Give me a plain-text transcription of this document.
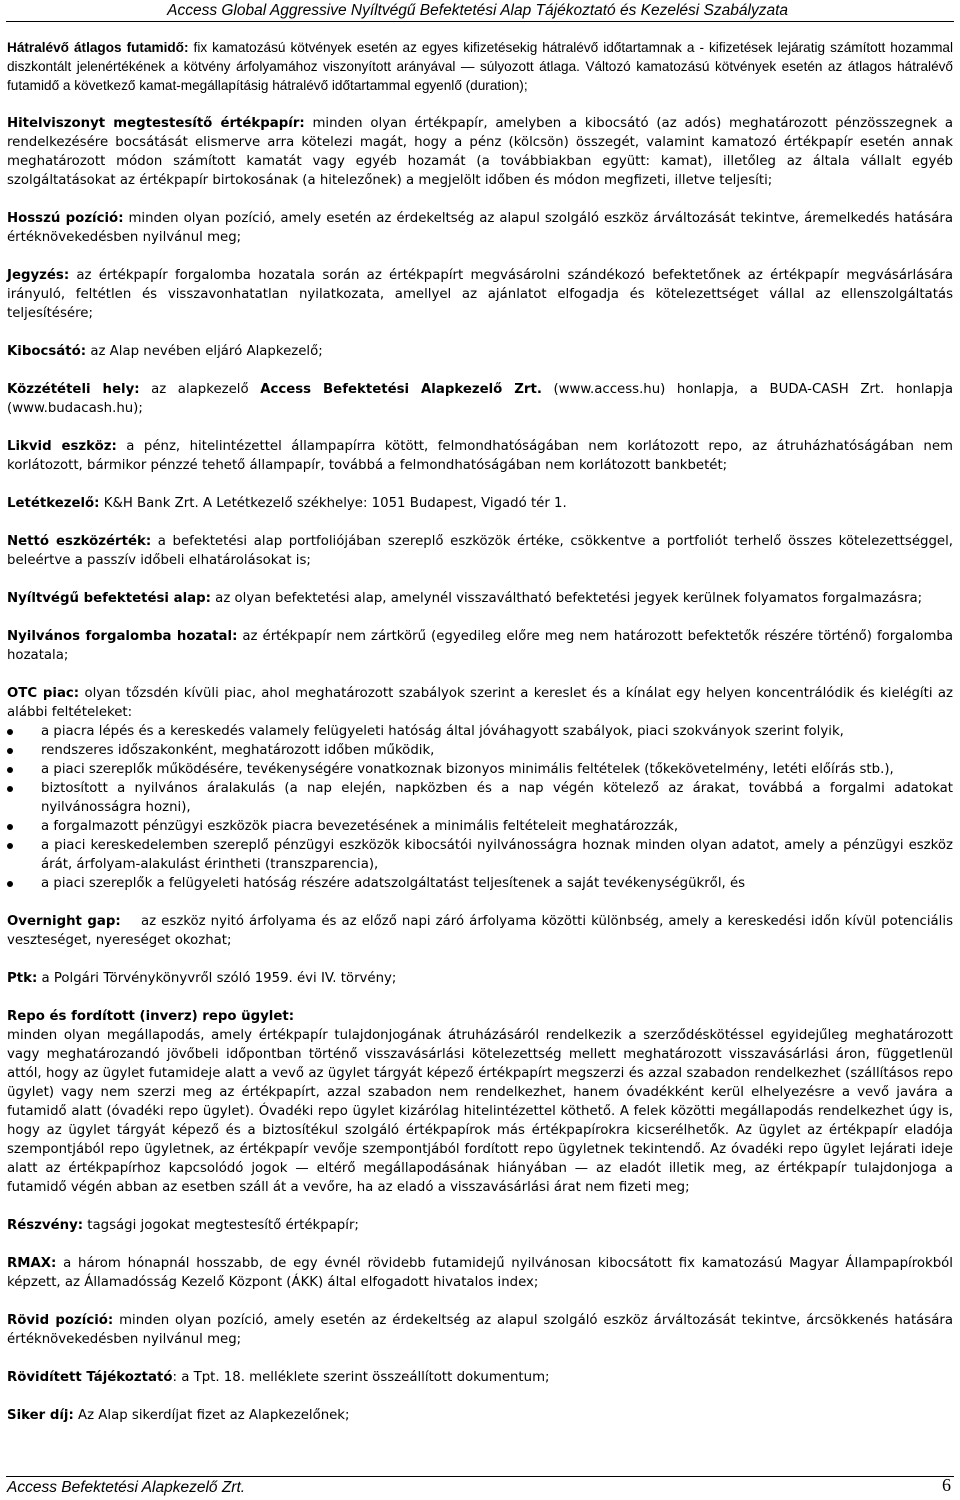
Access Global Aggressive Nyíltvégű Befektetési Alap Tájékoztató és Kezelési Szabályzata

Hátralévő átlagos futamidő: fix kamatozású kötvények esetén az egyes kifizetésekig hátralévő időtartamnak a - kifizetések lejáratig számított hozammal diszkontált jelenértékének a kötvény árfolyamához viszonyított arányával — súlyozott átlaga. Változó kamatozású kötvények esetén az átlagos hátralévő futamidő a következő kamat-megállapításig hátralévő időtartammal egyenlő (duration);

Hitelviszonyt megtestesítő értékpapír: minden olyan értékpapír, amelyben a kibocsátó (az adós) meghatározott pénzösszegnek a rendelkezésére bocsátását elismerve arra kötelezi magát, hogy a pénz (kölcsön) összegét, valamint kamatozó értékpapír esetén annak meghatározott módon számított kamatát vagy egyéb hozamát (a továbbiakban együtt: kamat), illetőleg az általa vállalt egyéb szolgáltatásokat az értékpapír birtokosának (a hitelezőnek) a megjelölt időben és módon megfizeti, illetve teljesíti;

Hosszú pozíció: minden olyan pozíció, amely esetén az érdekeltség az alapul szolgáló eszköz árváltozását tekintve, áremelkedés hatására értéknövekedésben nyilvánul meg;

Jegyzés: az értékpapír forgalomba hozatala során az értékpapírt megvásárolni szándékozó befektetőnek az értékpapír megvásárlására irányuló, feltétlen és visszavonhatatlan nyilatkozata, amellyel az ajánlatot elfogadja és kötelezettséget vállal az ellenszolgáltatás teljesítésére;

Kibocsátó: az Alap nevében eljáró Alapkezelő;

Közzétételi hely: az alapkezelő Access Befektetési Alapkezelő Zrt. (www.access.hu) honlapja, a BUDA-CASH Zrt. honlapja (www.budacash.hu);

Likvid eszköz: a pénz, hitelintézettel állampapírra kötött, felmondhatóságában nem korlátozott repo, az átruházhatóságában nem korlátozott, bármikor pénzzé tehető állampapír, továbbá a felmondhatóságában nem korlátozott bankbetét;

Letétkezelő: K&H Bank Zrt. A Letétkezelő székhelye: 1051 Budapest, Vigadó tér 1.

Nettó eszközérték: a befektetési alap portfoliójában szereplő eszközök értéke, csökkentve a portfoliót terhelő összes kötelezettséggel, beleértve a passzív időbeli elhatárolásokat is;

Nyíltvégű befektetési alap: az olyan befektetési alap, amelynél visszaváltható befektetési jegyek kerülnek folyamatos forgalmazásra;

Nyilvános forgalomba hozatal: az értékpapír nem zártkörű (egyedileg előre meg nem határozott befektetők részére történő) forgalomba hozatala;

OTC piac: olyan tőzsdén kívüli piac, ahol meghatározott szabályok szerint a kereslet és a kínálat egy helyen koncentrálódik és kielégíti az alábbi feltételeket:

a piacra lépés és a kereskedés valamely felügyeleti hatóság által jóváhagyott szabályok, piaci szokványok szerint folyik,
rendszeres időszakonként, meghatározott időben működik,
a piaci szereplők működésére, tevékenységére vonatkoznak bizonyos minimális feltételek (tőkekövetelmény, letéti előírás stb.),
biztosított a nyilvános áralakulás (a nap elején, napközben és a nap végén kötelező az árakat, továbbá a forgalmi adatokat nyilvánosságra hozni),
a forgalmazott pénzügyi eszközök piacra bevezetésének a minimális feltételeit meghatározzák,
a piaci kereskedelemben szereplő pénzügyi eszközök kibocsátói nyilvánosságra hoznak minden olyan adatot, amely a pénzügyi eszköz árát, árfolyam-alakulást érintheti (transzparencia),
a piaci szereplők a felügyeleti hatóság részére adatszolgáltatást teljesítenek a saját tevékenységükről, és

Overnight gap:    az eszköz nyitó árfolyama és az előző napi záró árfolyama közötti különbség, amely a kereskedési időn kívül potenciális veszteséget, nyereséget okozhat;

Ptk: a Polgári Törvénykönyvről szóló 1959. évi IV. törvény;

Repo és fordított (inverz) repo ügylet:

minden olyan megállapodás, amely értékpapír tulajdonjogának átruházásáról rendelkezik a szerződéskötéssel egyidejűleg meghatározott vagy meghatározandó jövőbeli időpontban történő visszavásárlási kötelezettség mellett meghatározott visszavásárlási áron, függetlenül attól, hogy az ügylet futamideje alatt a vevő az ügylet tárgyát képező értékpapírt megszerzi és azzal szabadon rendelkezhet (szállításos repo ügylet) vagy nem szerzi meg az értékpapírt, azzal szabadon nem rendelkezhet, hanem óvadékként kerül elhelyezésre a vevő javára a futamidő alatt (óvadéki repo ügylet). Óvadéki repo ügylet kizárólag hitelintézettel köthető. A felek közötti megállapodás rendelkezhet úgy is, hogy az ügylet tárgyát képező és a biztosítékul szolgáló értékpapírok más értékpapírokra kicserélhetők. Az ügylet az értékpapír eladója szempontjából repo ügyletnek, az értékpapír vevője szempontjából fordított repo ügyletnek tekintendő. Az óvadéki repo ügylet lejárati ideje alatt az értékpapírhoz kapcsolódó jogok — eltérő megállapodásának hiányában — az eladót illetik meg, az értékpapír tulajdonjoga a futamidő végén abban az esetben száll át a vevőre, ha az eladó a visszavásárlási árat nem fizeti meg;

Részvény: tagsági jogokat megtestesítő értékpapír;

RMAX: a három hónapnál hosszabb, de egy évnél rövidebb futamidejű nyilvánosan kibocsátott fix kamatozású Magyar Állampapírokból képzett, az Államadósság Kezelő Központ (ÁKK) által elfogadott hivatalos index;

Rövid pozíció: minden olyan pozíció, amely esetén az érdekeltség az alapul szolgáló eszköz árváltozását tekintve, árcsökkenés hatására értéknövekedésben nyilvánul meg;

Rövidített Tájékoztató: a Tpt. 18. melléklete szerint összeállított dokumentum;

Siker díj: Az Alap sikerdíjat fizet az Alapkezelőnek;

Access Befektetési Alapkezelő Zrt.	6
